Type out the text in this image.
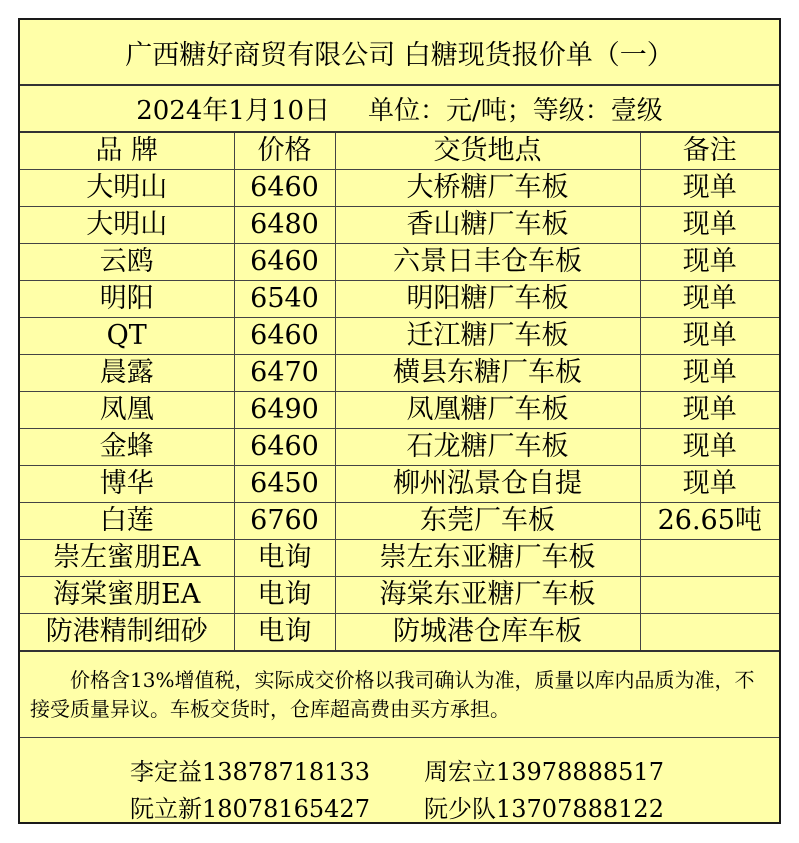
广西糖好商贸有限公司 白糖现货报价单（一）
2024年1月10日 单位：元/吨；等级：壹级
品 牌	价格	交货地点	备注
大明山	6460	大桥糖厂车板	现单
大明山	6480	香山糖厂车板	现单
云鸥	6460	六景日丰仓车板	现单
明阳	6540	明阳糖厂车板	现单
QT	6460	迁江糖厂车板	现单
晨露	6470	横县东糖厂车板	现单
凤凰	6490	凤凰糖厂车板	现单
金蜂	6460	石龙糖厂车板	现单
博华	6450	柳州泓景仓自提	现单
白莲	6760	东莞厂车板	26.65吨
崇左蜜朋EA	电询	崇左东亚糖厂车板	
海棠蜜朋EA	电询	海棠东亚糖厂车板	
防港精制细砂	电询	防城港仓库车板	
价格含13%增值税，实际成交价格以我司确认为准，质量以库内品质为准，不接受质量异议。车板交货时，仓库超高费由买方承担。
李定益13878718133 周宏立13978888517
阮立新18078165427 阮少队13707888122
